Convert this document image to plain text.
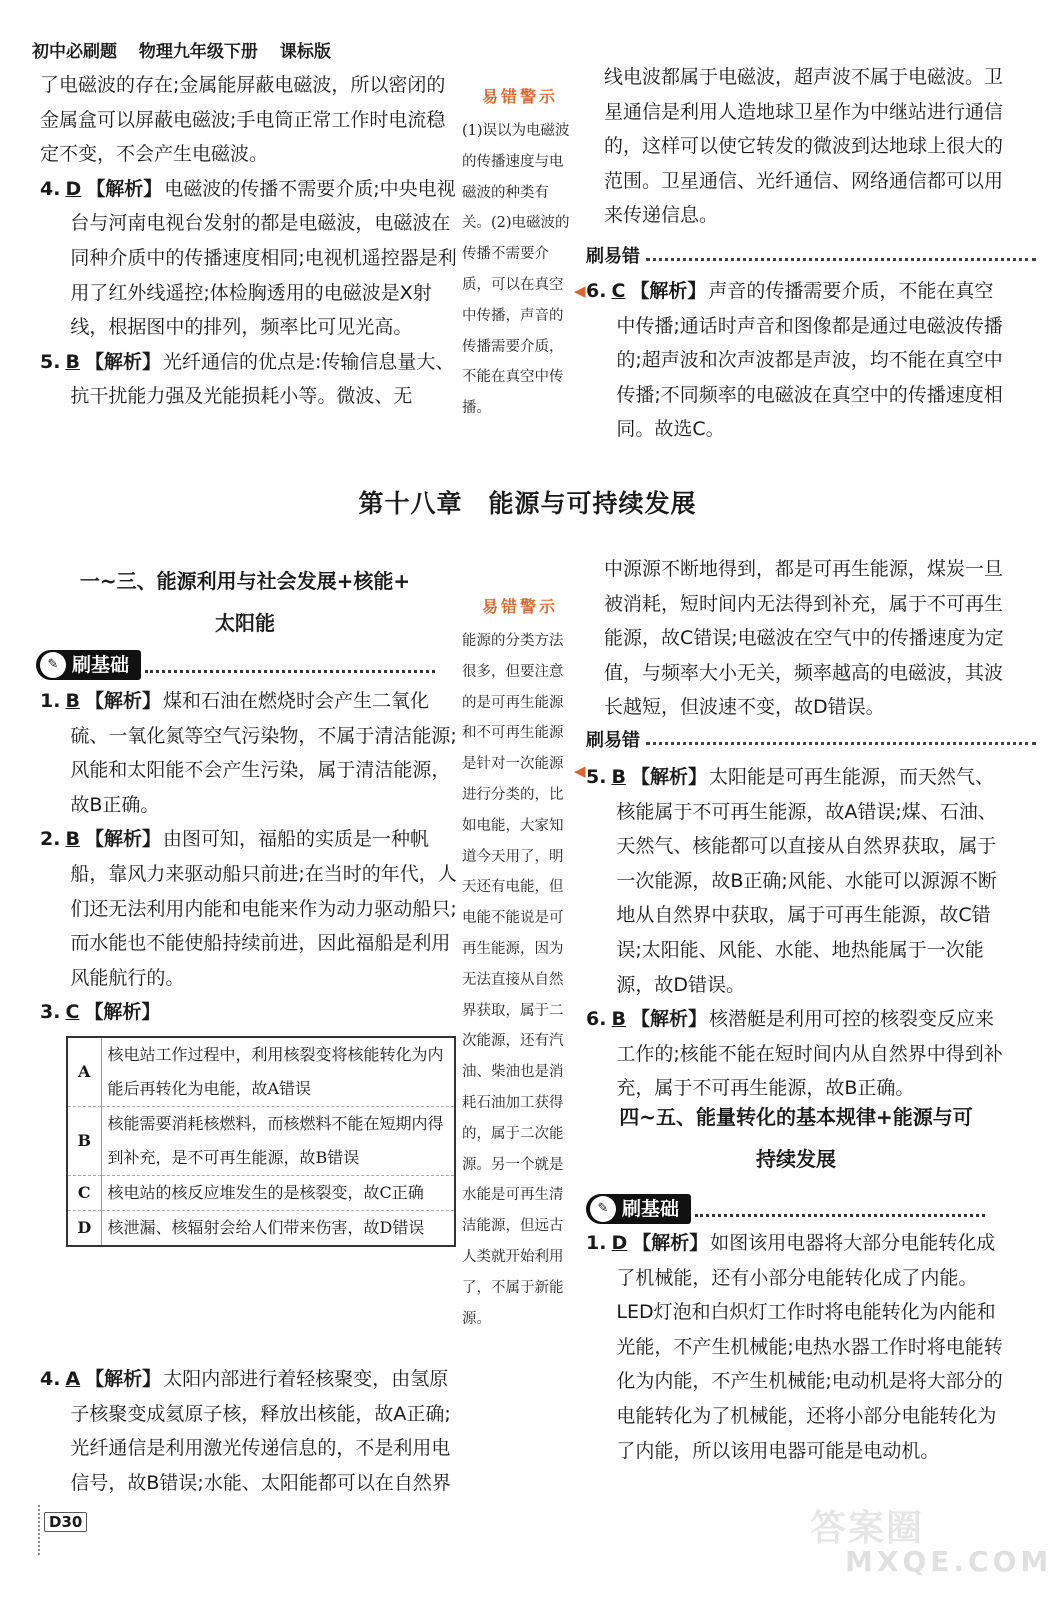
初中必刷题 物理九年级下册 课标版

了电磁波的存在;金属能屏蔽电磁波，所以密闭的金属盒可以屏蔽电磁波;手电筒正常工作时电流稳定不变，不会产生电磁波。

4. D 【解析】 电磁波的传播不需要介质;中央电视台与河南电视台发射的都是电磁波，电磁波在同种介质中的传播速度相同;电视机遥控器是利用了红外线遥控;体检胸透用的电磁波是X射线，根据图中的排列，频率比可见光高。

5. B 【解析】 光纤通信的优点是:传输信息量大、抗干扰能力强及光能损耗小等。微波、无

易错警示
(1)误以为电磁波的传播速度与电磁波的种类有关。(2)电磁波的传播不需要介质，可以在真空中传播，声音的传播需要介质，不能在真空中传播。
◀

线电波都属于电磁波，超声波不属于电磁波。卫星通信是利用人造地球卫星作为中继站进行通信的，这样可以使它转发的微波到达地球上很大的范围。卫星通信、光纤通信、网络通信都可以用来传递信息。

刷易错

6. C 【解析】 声音的传播需要介质，不能在真空中传播;通话时声音和图像都是通过电磁波传播的;超声波和次声波都是声波，均不能在真空中传播;不同频率的电磁波在真空中的传播速度相同。故选C。

第十八章　能源与可持续发展
一~三、能源利用与社会发展+核能+
太阳能
✎ 刷基础

1. B 【解析】 煤和石油在燃烧时会产生二氧化硫、一氧化氮等空气污染物，不属于清洁能源;风能和太阳能不会产生污染，属于清洁能源，故B正确。

2. B 【解析】 由图可知，福船的实质是一种帆船，靠风力来驱动船只前进;在当时的年代，人们还无法利用内能和电能来作为动力驱动船只;而水能也不能使船持续前进，因此福船是利用风能航行的。

3. C 【解析】

A	核电站工作过程中，利用核裂变将核能转化为内能后再转化为电能，故A错误
B	核能需要消耗核燃料，而核燃料不能在短期内得到补充，是不可再生能源，故B错误
C	核电站的核反应堆发生的是核裂变，故C正确
D	核泄漏、核辐射会给人们带来伤害，故D错误

4. A 【解析】 太阳内部进行着轻核聚变，由氢原子核聚变成氦原子核，释放出核能，故A正确;光纤通信是利用激光传递信息的，不是利用电信号，故B错误;水能、太阳能都可以在自然界

易错警示
能源的分类方法很多，但要注意的是可再生能源和不可再生能源是针对一次能源进行分类的，比如电能，大家知道今天用了，明天还有电能，但电能不能说是可再生能源，因为无法直接从自然界获取，属于二次能源，还有汽油、柴油也是消耗石油加工获得的，属于二次能源。另一个就是水能是可再生清洁能源，但远古人类就开始利用了，不属于新能源。
◀

中源源不断地得到，都是可再生能源，煤炭一旦被消耗，短时间内无法得到补充，属于不可再生能源，故C错误;电磁波在空气中的传播速度为定值，与频率大小无关，频率越高的电磁波，其波长越短，但波速不变，故D错误。

刷易错

5. B 【解析】 太阳能是可再生能源，而天然气、核能属于不可再生能源，故A错误;煤、石油、天然气、核能都可以直接从自然界获取，属于一次能源，故B正确;风能、水能可以源源不断地从自然界中获取，属于可再生能源，故C错误;太阳能、风能、水能、地热能属于一次能源，故D错误。

6. B 【解析】 核潜艇是利用可控的核裂变反应来工作的;核能不能在短时间内从自然界中得到补充，属于不可再生能源，故B正确。

四~五、能量转化的基本规律+能源与可
持续发展
✎ 刷基础

1. D 【解析】 如图该用电器将大部分电能转化成了机械能，还有小部分电能转化成了内能。LED灯泡和白炽灯工作时将电能转化为内能和光能，不产生机械能;电热水器工作时将电能转化为内能，不产生机械能;电动机是将大部分的电能转化为了机械能，还将小部分电能转化为了内能，所以该用电器可能是电动机。

D30	答案圈
MXQE.COM
